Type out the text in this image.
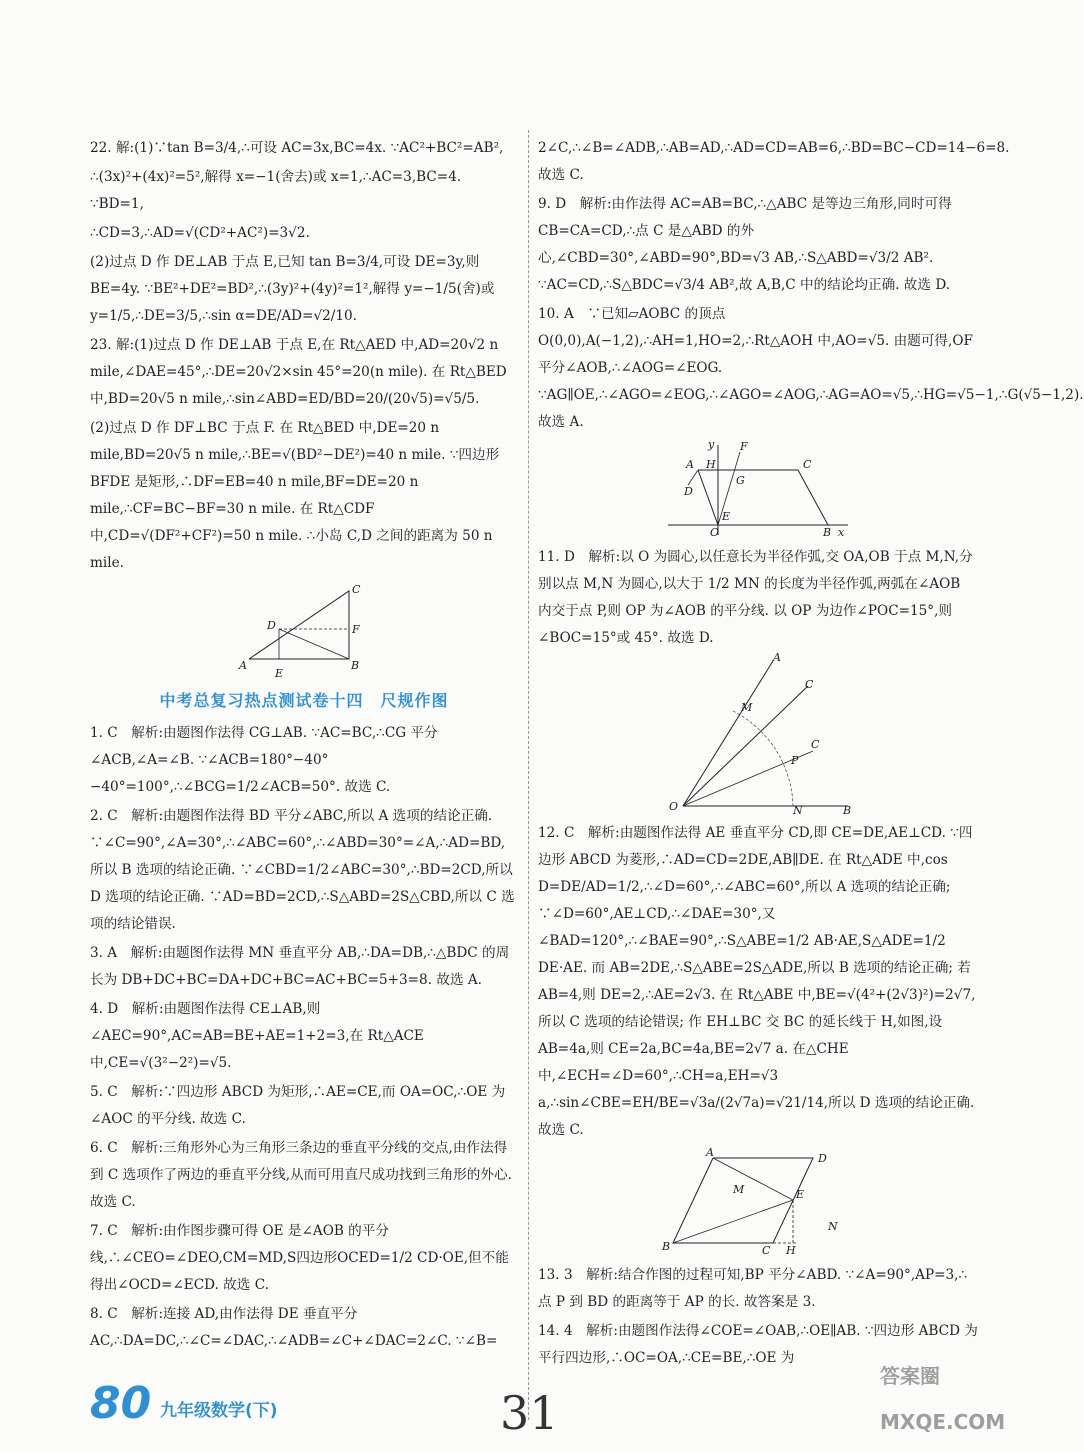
22. 解:(1)∵tan B=3/4,∴可设 AC=3x,BC=4x. ∵AC²+BC²=AB²,

∴(3x)²+(4x)²=5²,解得 x=−1(舍去)或 x=1,∴AC=3,BC=4. ∵BD=1,

∴CD=3,∴AD=√(CD²+AC²)=3√2.

(2)过点 D 作 DE⊥AB 于点 E,已知 tan B=3/4,可设 DE=3y,则 BE=4y. ∵BE²+DE²=BD²,∴(3y)²+(4y)²=1²,解得 y=−1/5(舍)或 y=1/5,∴DE=3/5,∴sin α=DE/AD=√2/10.

23. 解:(1)过点 D 作 DE⊥AB 于点 E,在 Rt△AED 中,AD=20√2 n mile,∠DAE=45°,∴DE=20√2×sin 45°=20(n mile). 在 Rt△BED 中,BD=20√5 n mile,∴sin∠ABD=ED/BD=20/(20√5)=√5/5.

(2)过点 D 作 DF⊥BC 于点 F. 在 Rt△BED 中,DE=20 n mile,BD=20√5 n mile,∴BE=√(BD²−DE²)=40 n mile. ∵四边形 BFDE 是矩形,∴DF=EB=40 n mile,BF=DE=20 n mile,∴CF=BC−BF=30 n mile. 在 Rt△CDF 中,CD=√(DF²+CF²)=50 n mile. ∴小岛 C,D 之间的距离为 50 n mile.

A	B
C
D
E
F
中考总复习热点测试卷十四　尺规作图

1. C　解析:由题图作法得 CG⊥AB. ∵AC=BC,∴CG 平分∠ACB,∠A=∠B. ∵∠ACB=180°−40°−40°=100°,∴∠BCG=1/2∠ACB=50°. 故选 C.

2. C　解析:由题图作法得 BD 平分∠ABC,所以 A 选项的结论正确. ∵∠C=90°,∠A=30°,∴∠ABC=60°,∴∠ABD=30°=∠A,∴AD=BD,所以 B 选项的结论正确. ∵∠CBD=1/2∠ABC=30°,∴BD=2CD,所以 D 选项的结论正确. ∵AD=BD=2CD,∴S△ABD=2S△CBD,所以 C 选项的结论错误.

3. A　解析:由题图作法得 MN 垂直平分 AB,∴DA=DB,∴△BDC 的周长为 DB+DC+BC=DA+DC+BC=AC+BC=5+3=8. 故选 A.

4. D　解析:由题图作法得 CE⊥AB,则∠AEC=90°,AC=AB=BE+AE=1+2=3,在 Rt△ACE 中,CE=√(3²−2²)=√5.

5. C　解析:∵四边形 ABCD 为矩形,∴AE=CE,而 OA=OC,∴OE 为∠AOC 的平分线. 故选 C.

6. C　解析:三角形外心为三角形三条边的垂直平分线的交点,由作法得到 C 选项作了两边的垂直平分线,从而可用直尺成功找到三角形的外心. 故选 C.

7. C　解析:由作图步骤可得 OE 是∠AOB 的平分线,∴∠CEO=∠DEO,CM=MD,S四边形OCED=1/2 CD·OE,但不能得出∠OCD=∠ECD. 故选 C.

8. C　解析:连接 AD,由作法得 DE 垂直平分 AC,∴DA=DC,∴∠C=∠DAC,∴∠ADB=∠C+∠DAC=2∠C. ∵∠B=

2∠C,∴∠B=∠ADB,∴AB=AD,∴AD=CD=AB=6,∴BD=BC−CD=14−6=8. 故选 C.

9. D　解析:由作法得 AC=AB=BC,∴△ABC 是等边三角形,同时可得 CB=CA=CD,∴点 C 是△ABD 的外心,∠CBD=30°,∠ABD=90°,BD=√3 AB,∴S△ABD=√3/2 AB². ∵AC=CD,∴S△BDC=√3/4 AB²,故 A,B,C 中的结论均正确. 故选 D.

10. A　∵已知▱AOBC 的顶点 O(0,0),A(−1,2),∴AH=1,HO=2,∴Rt△AOH 中,AO=√5. 由题可得,OF 平分∠AOB,∴∠AOG=∠EOG. ∵AG∥OE,∴∠AGO=∠EOG,∴∠AGO=∠AOG,∴AG=AO=√5,∴HG=√5−1,∴G(√5−1,2). 故选 A.

A H
G
C
F
D
E
B x
y
O

11. D　解析:以 O 为圆心,以任意长为半径作弧,交 OA,OB 于点 M,N,分别以点 M,N 为圆心,以大于 1/2 MN 的长度为半径作弧,两弧在∠AOB 内交于点 P,则 OP 为∠AOB 的平分线. 以 OP 为边作∠POC=15°,则∠BOC=15°或 45°. 故选 D.

A
C
M
C
P
N	B
O

12. C　解析:由题图作法得 AE 垂直平分 CD,即 CE=DE,AE⊥CD. ∵四边形 ABCD 为菱形,∴AD=CD=2DE,AB∥DE. 在 Rt△ADE 中,cos D=DE/AD=1/2,∴∠D=60°,∴∠ABC=60°,所以 A 选项的结论正确; ∵∠D=60°,AE⊥CD,∴∠DAE=30°,又∠BAD=120°,∴∠BAE=90°,∴S△ABE=1/2 AB·AE,S△ADE=1/2 DE·AE. 而 AB=2DE,∴S△ABE=2S△ADE,所以 B 选项的结论正确; 若 AB=4,则 DE=2,∴AE=2√3. 在 Rt△ABE 中,BE=√(4²+(2√3)²)=2√7,所以 C 选项的结论错误; 作 EH⊥BC 交 BC 的延长线于 H,如图,设 AB=4a,则 CE=2a,BC=4a,BE=2√7 a. 在△CHE 中,∠ECH=∠D=60°,∴CH=a,EH=√3 a,∴sin∠CBE=EH/BE=√3a/(2√7a)=√21/14,所以 D 选项的结论正确. 故选 C.

A	D
E
B	C H
M
N

13. 3　解析:结合作图的过程可知,BP 平分∠ABD. ∵∠A=90°,AP=3,∴点 P 到 BD 的距离等于 AP 的长. 故答案是 3.

14. 4　解析:由题图作法得∠COE=∠OAB,∴OE∥AB. ∵四边形 ABCD 为平行四边形,∴OC=OA,∴CE=BE,∴OE 为

80 九年级数学(下)	31
答案圈
MXQE.COM
